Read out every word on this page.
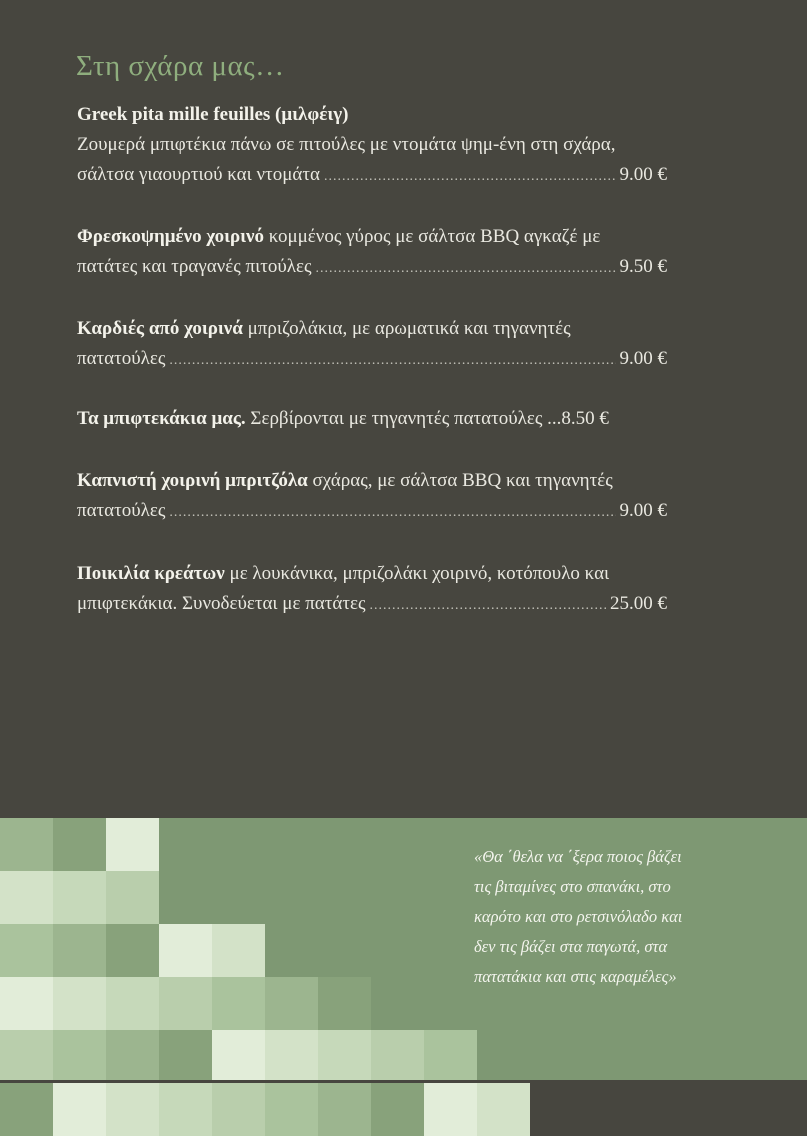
Στη σχάρα μας…
Greek pita mille feuilles (μιλφέιγ)
Ζουμερά μπιφτέκια πάνω σε πιτούλες με ντομάτα ψημ-ένη στη σχάρα,
σάλτσα γιαουρτιού και ντομάτα .....	9.00 €
Φρεσκοψημένο χοιρινό κομμένος γύρος με σάλτσα BBQ αγκαζέ με
πατάτες και τραγανές πιτούλες .....	9.50 €
Καρδιές από χοιρινά μπριζολάκια, με αρωματικά και τηγανητές
πατατούλες .....	9.00 €
Τα μπιφτεκάκια μας. Σερβίρονται με τηγανητές πατατούλες ...8.50 €
Καπνιστή χοιρινή μπριτζόλα σχάρας, με σάλτσα BBQ και τηγανητές
πατατούλες .....	9.00 €
Ποικιλία κρεάτων με λουκάνικα, μπριζολάκι χοιρινό, κοτόπουλο και
μπιφτεκάκια. Συνοδεύεται με πατάτες .....	25.00 €

«Θα ΄θελα να ΄ξερα ποιος βάζει
τις βιταμίνες στο σπανάκι, στο
καρότο και στο ρετσινόλαδο και
δεν τις βάζει στα παγωτά, στα
πατατάκια και στις καραμέλες»
